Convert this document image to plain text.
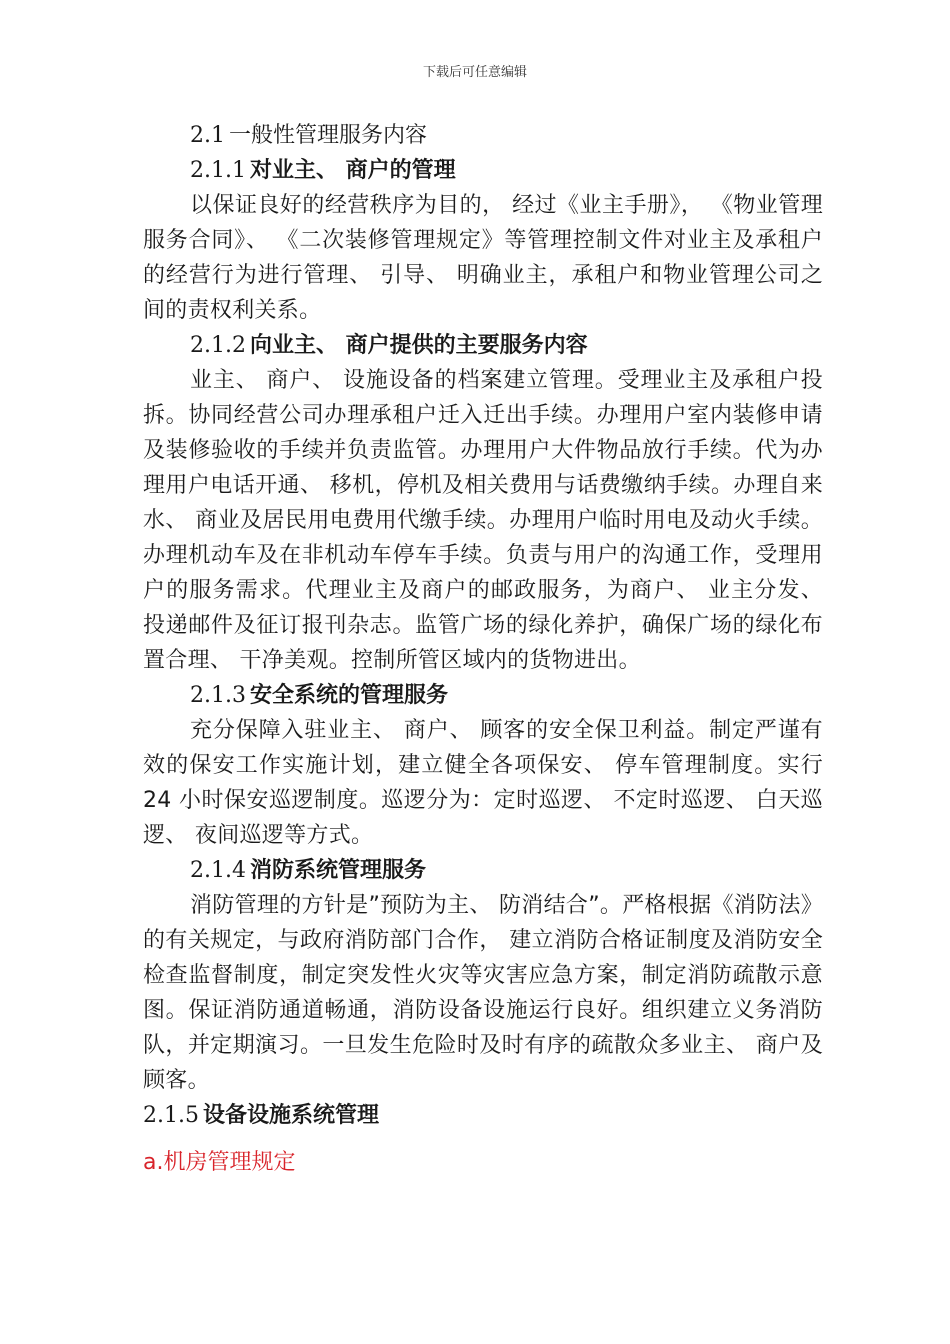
下载后可任意编辑

2.1 一般性管理服务内容

2.1.1 对业主、 商户的管理

以保证良好的经营秩序为目的， 经过《业主手册》， 《物业管理服务合同》、 《二次装修管理规定》等管理控制文件对业主及承租户的经营行为进行管理、 引导、 明确业主，承租户和物业管理公司之间的责权利关系。

2.1.2 向业主、 商户提供的主要服务内容

业主、 商户、 设施设备的档案建立管理。受理业主及承租户投拆。协同经营公司办理承租户迁入迁出手续。办理用户室内装修申请及装修验收的手续并负责监管。办理用户大件物品放行手续。代为办理用户电话开通、 移机，停机及相关费用与话费缴纳手续。办理自来水、 商业及居民用电费用代缴手续。办理用户临时用电及动火手续。办理机动车及在非机动车停车手续。负责与用户的沟通工作，受理用户的服务需求。代理业主及商户的邮政服务，为商户、 业主分发、 投递邮件及征订报刊杂志。监管广场的绿化养护，确保广场的绿化布置合理、 干净美观。控制所管区域内的货物进出。

2.1.3 安全系统的管理服务

充分保障入驻业主、 商户、 顾客的安全保卫利益。制定严谨有效的保安工作实施计划，建立健全各项保安、 停车管理制度。实行 24 小时保安巡逻制度。巡逻分为：定时巡逻、 不定时巡逻、 白天巡逻、 夜间巡逻等方式。

2.1.4 消防系统管理服务

消防管理的方针是”预防为主、 防消结合”。严格根据《消防法》的有关规定，与政府消防部门合作， 建立消防合格证制度及消防安全检查监督制度，制定突发性火灾等灾害应急方案，制定消防疏散示意图。保证消防通道畅通，消防设备设施运行良好。组织建立义务消防队，并定期演习。一旦发生危险时及时有序的疏散众多业主、 商户及顾客。

2.1.5 设备设施系统管理

a.机房管理规定
